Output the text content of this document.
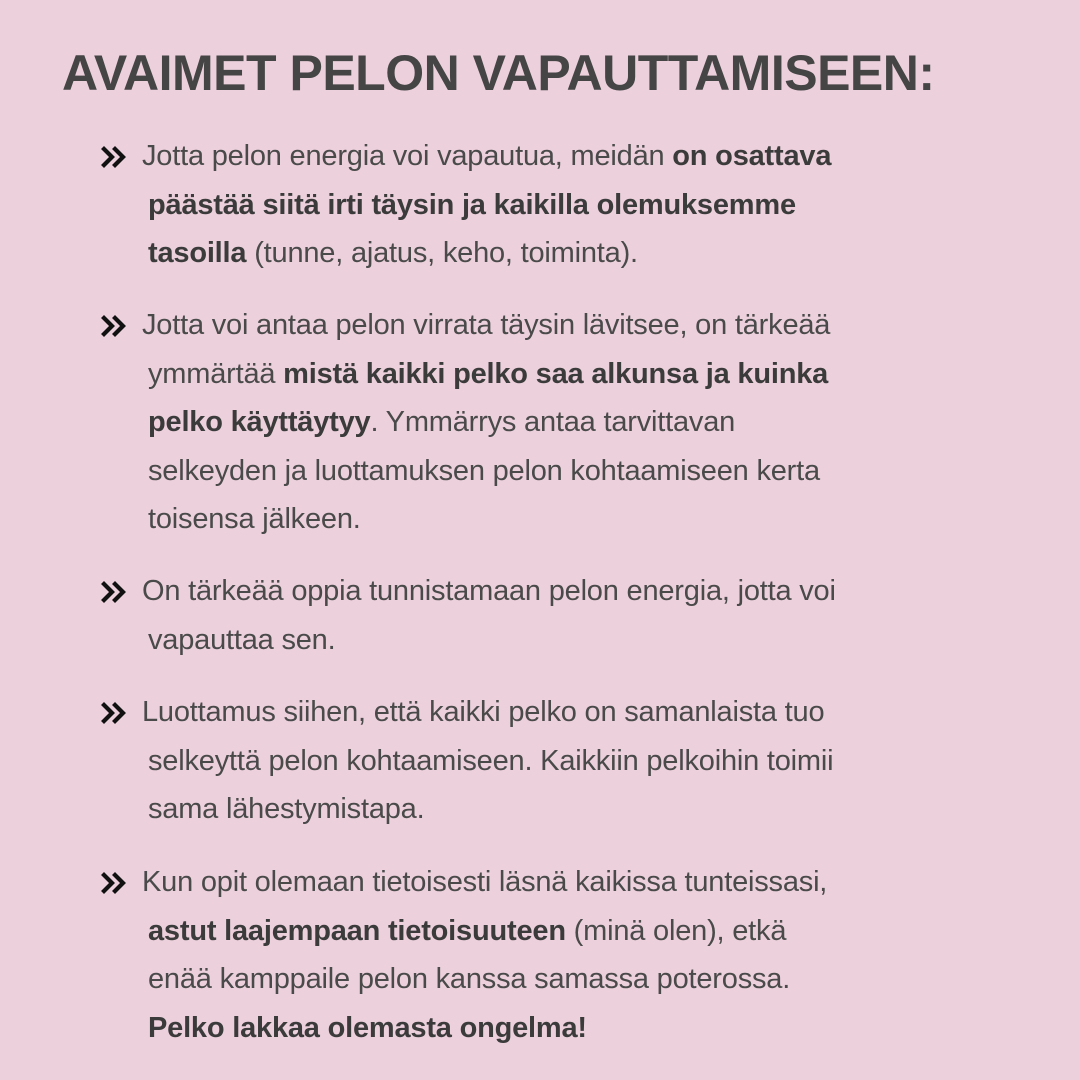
AVAIMET PELON VAPAUTTAMISEEN:

Jotta pelon energia voi vapautua, meidän on osattava
päästää siitä irti täysin ja kaikilla olemuksemme
tasoilla (tunne, ajatus, keho, toiminta).

Jotta voi antaa pelon virrata täysin lävitsee, on tärkeää
ymmärtää mistä kaikki pelko saa alkunsa ja kuinka
pelko käyttäytyy. Ymmärrys antaa tarvittavan
selkeyden ja luottamuksen pelon kohtaamiseen kerta
toisensa jälkeen.

On tärkeää oppia tunnistamaan pelon energia, jotta voi
vapauttaa sen.

Luottamus siihen, että kaikki pelko on samanlaista tuo
selkeyttä pelon kohtaamiseen. Kaikkiin pelkoihin toimii
sama lähestymistapa.

Kun opit olemaan tietoisesti läsnä kaikissa tunteissasi,
astut laajempaan tietoisuuteen (minä olen), etkä
enää kamppaile pelon kanssa samassa poterossa.
Pelko lakkaa olemasta ongelma!
